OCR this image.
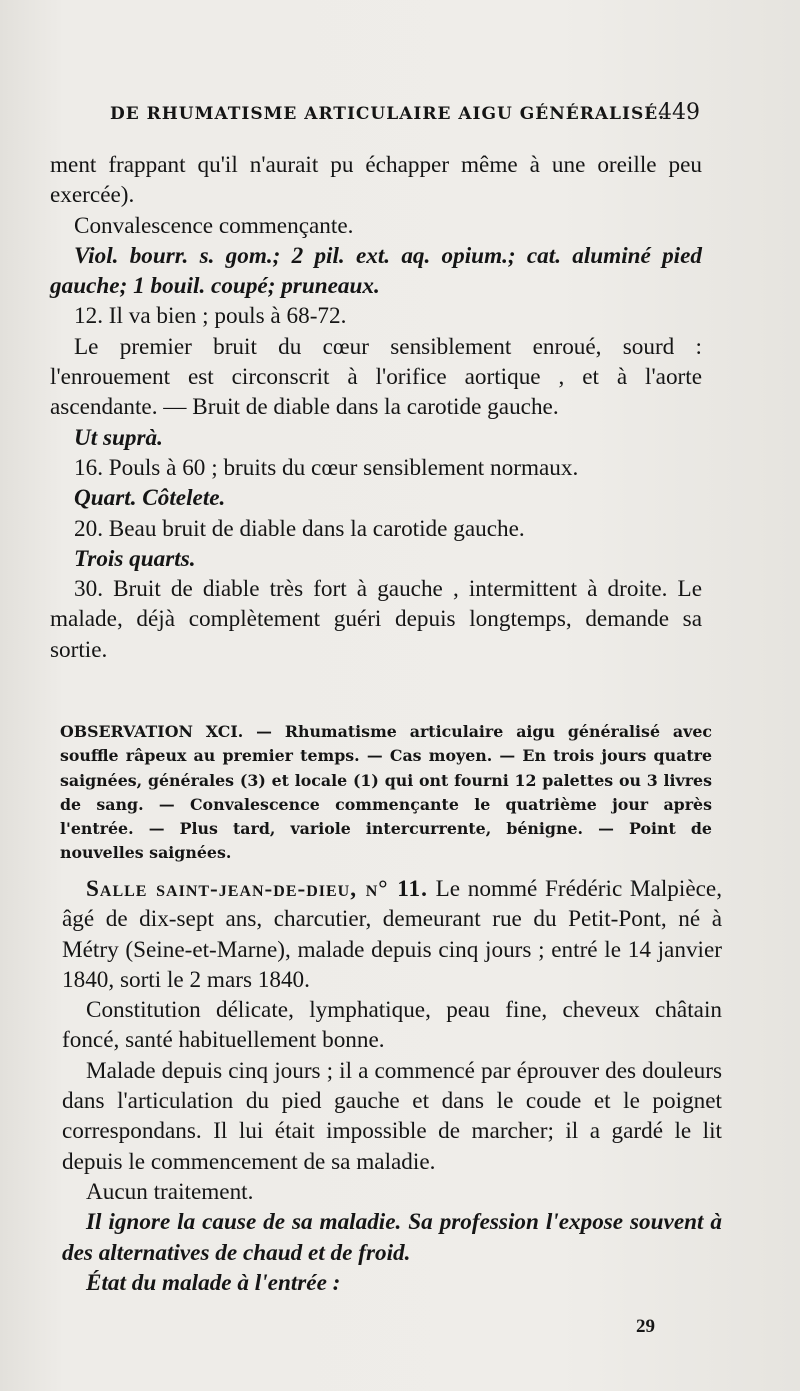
DE RHUMATISME ARTICULAIRE AIGU GÉNÉRALISÉ.
449

ment frappant qu'il n'aurait pu échapper même à une oreille peu exercée).

Convalescence commençante.

Viol. bourr. s. gom.; 2 pil. ext. aq. opium.; cat. aluminé pied gauche; 1 bouil. coupé; pruneaux.

12. Il va bien ; pouls à 68-72.

Le premier bruit du cœur sensiblement enroué, sourd : l'enrouement est circonscrit à l'orifice aortique , et à l'aorte ascendante. — Bruit de diable dans la carotide gauche.

Ut suprà.

16. Pouls à 60 ; bruits du cœur sensiblement normaux.

Quart. Côtelete.

20. Beau bruit de diable dans la carotide gauche.

Trois quarts.

30. Bruit de diable très fort à gauche , intermittent à droite. Le malade, déjà complètement guéri depuis longtemps, demande sa sortie.

OBSERVATION XCI. — Rhumatisme articulaire aigu généralisé avec souffle râpeux au premier temps. — Cas moyen. — En trois jours quatre saignées, générales (3) et locale (1) qui ont fourni 12 palettes ou 3 livres de sang. — Convalescence commençante le quatrième jour après l'entrée. — Plus tard, variole intercurrente, bénigne. — Point de nouvelles saignées.

Salle saint-jean-de-dieu, n° 11. Le nommé Frédéric Malpièce, âgé de dix-sept ans, charcutier, demeurant rue du Petit-Pont, né à Métry (Seine-et-Marne), malade depuis cinq jours ; entré le 14 janvier 1840, sorti le 2 mars 1840.

Constitution délicate, lymphatique, peau fine, cheveux châtain foncé, santé habituellement bonne.

Malade depuis cinq jours ; il a commencé par éprouver des douleurs dans l'articulation du pied gauche et dans le coude et le poignet correspondans. Il lui était impossible de marcher; il a gardé le lit depuis le commencement de sa maladie.

Aucun traitement.

Il ignore la cause de sa maladie. Sa profession l'expose souvent à des alternatives de chaud et de froid.

État du malade à l'entrée :

29
